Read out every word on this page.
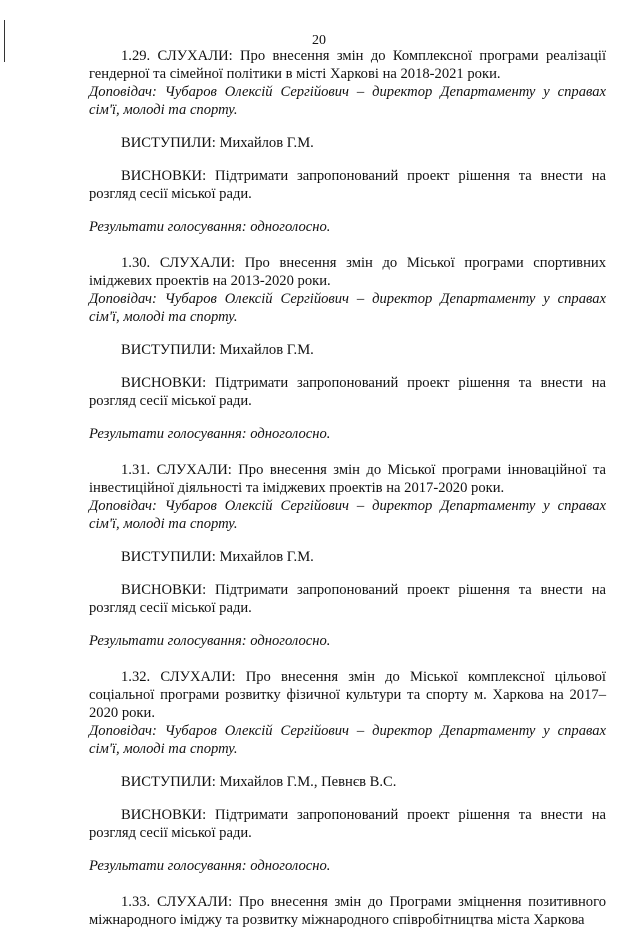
20

1.29. СЛУХАЛИ: Про внесення змін до Комплексної програми реалізації гендерної та сімейної політики в місті Харкові на 2018-2021 роки.

Доповідач: Чубаров Олексій Сергійович – директор Департаменту у справах сім'ї, молоді та спорту.

ВИСТУПИЛИ: Михайлов Г.М.

ВИСНОВКИ: Підтримати запропонований проект рішення та внести на розгляд сесії міської ради.

Результати голосування: одноголосно.

1.30. СЛУХАЛИ: Про внесення змін до Міської програми спортивних іміджевих проектів на 2013-2020 роки.

Доповідач: Чубаров Олексій Сергійович – директор Департаменту у справах сім'ї, молоді та спорту.

ВИСТУПИЛИ: Михайлов Г.М.

ВИСНОВКИ: Підтримати запропонований проект рішення та внести на розгляд сесії міської ради.

Результати голосування: одноголосно.

1.31. СЛУХАЛИ: Про внесення змін до Міської програми інноваційної та інвестиційної діяльності та іміджевих проектів на 2017-2020 роки.

Доповідач: Чубаров Олексій Сергійович – директор Департаменту у справах сім'ї, молоді та спорту.

ВИСТУПИЛИ: Михайлов Г.М.

ВИСНОВКИ: Підтримати запропонований проект рішення та внести на розгляд сесії міської ради.

Результати голосування: одноголосно.

1.32. СЛУХАЛИ: Про внесення змін до Міської комплексної цільової соціальної програми розвитку фізичної культури та спорту м. Харкова на 2017–2020 роки.

Доповідач: Чубаров Олексій Сергійович – директор Департаменту у справах сім'ї, молоді та спорту.

ВИСТУПИЛИ: Михайлов Г.М., Певнєв В.С.

ВИСНОВКИ: Підтримати запропонований проект рішення та внести на розгляд сесії міської ради.

Результати голосування: одноголосно.

1.33. СЛУХАЛИ: Про внесення змін до Програми зміцнення позитивного міжнародного іміджу та розвитку міжнародного співробітництва міста Харкова
